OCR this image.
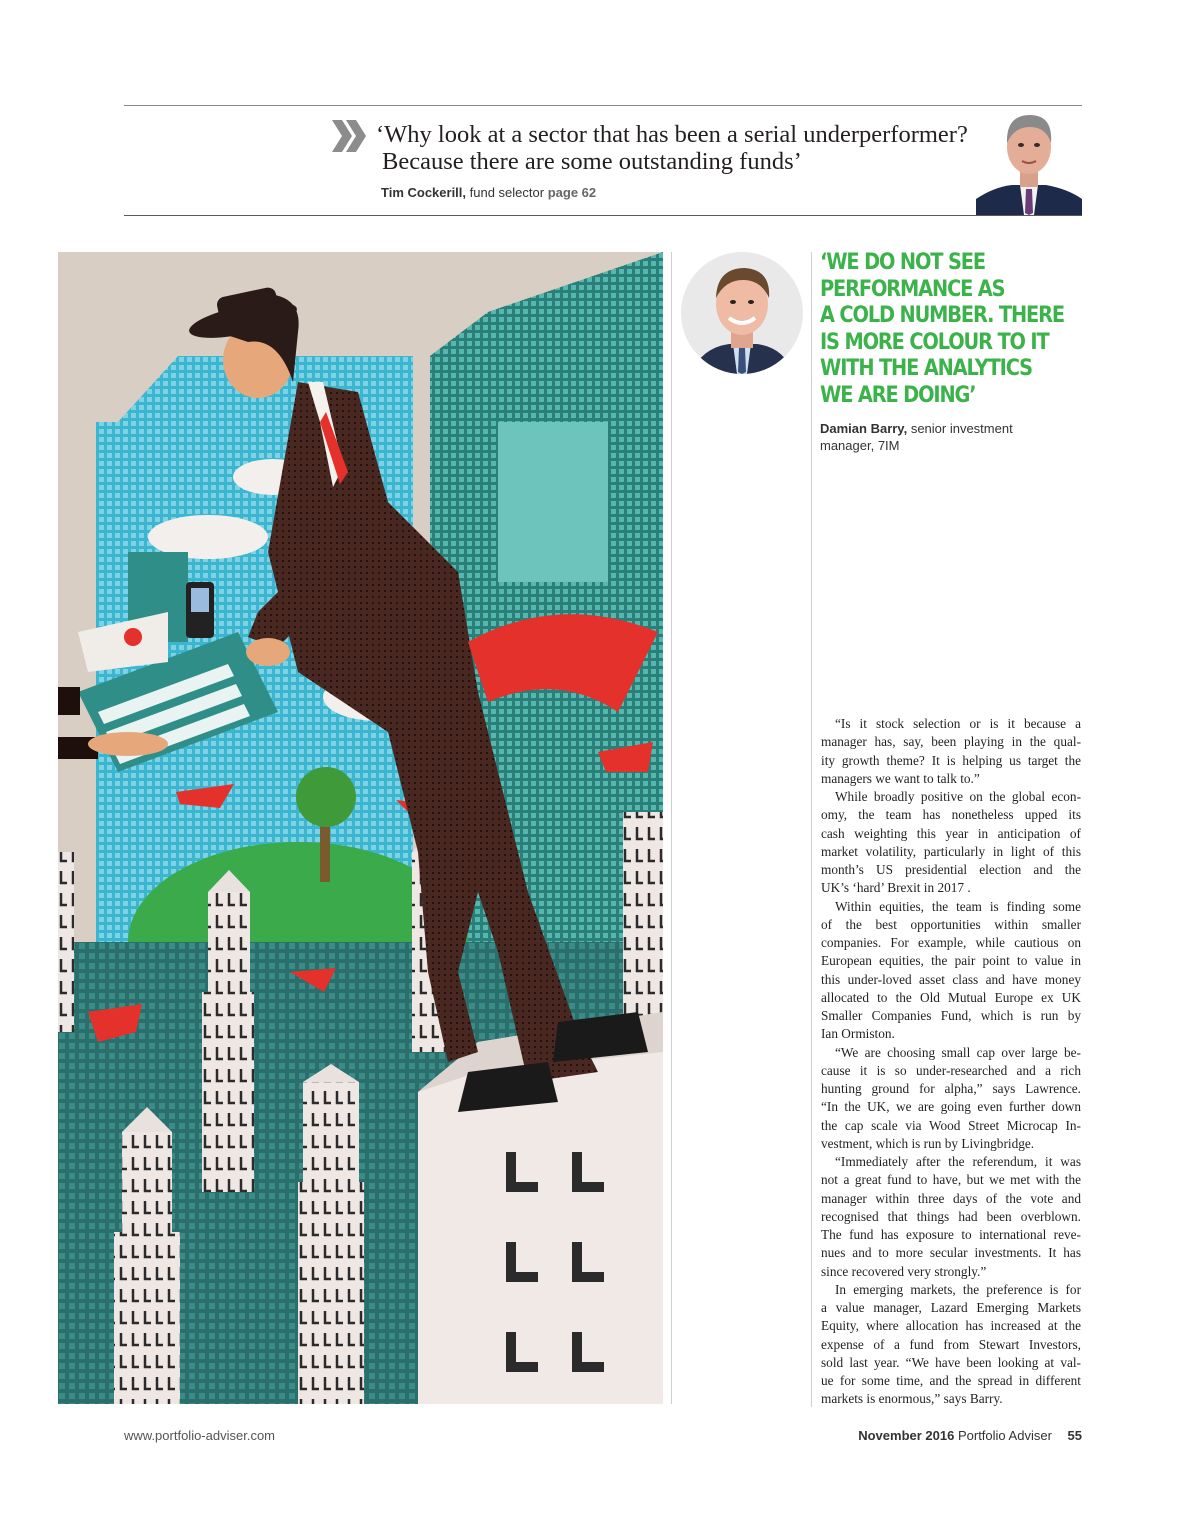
‘Why look at a sector that has been a serial underperformer?
Because there are some outstanding funds’

Tim Cockerill, fund selector page 62

‘WE DO NOT SEE
PERFORMANCE AS
A COLD NUMBER. THERE
IS MORE COLOUR TO IT
WITH THE ANALYTICS
WE ARE DOING’

Damian Barry, senior investment
manager, 7IM
“Is it stock selection or is it because a
manager has, say, been playing in the qual-
ity growth theme? It is helping us target the
managers we want to talk to.”
While broadly positive on the global econ-
omy, the team has nonetheless upped its
cash weighting this year in anticipation of
market volatility, particularly in light of this
month’s US presidential election and the
UK’s ‘hard’ Brexit in 2017 .
Within equities, the team is finding some
of the best opportunities within smaller
companies. For example, while cautious on
European equities, the pair point to value in
this under-loved asset class and have money
allocated to the Old Mutual Europe ex UK
Smaller Companies Fund, which is run by
Ian Ormiston.
“We are choosing small cap over large be-
cause it is so under-researched and a rich
hunting ground for alpha,” says Lawrence.
“In the UK, we are going even further down
the cap scale via Wood Street Microcap In-
vestment, which is run by Livingbridge.
“Immediately after the referendum, it was
not a great fund to have, but we met with the
manager within three days of the vote and
recognised that things had been overblown.
The fund has exposure to international reve-
nues and to more secular investments. It has
since recovered very strongly.”
In emerging markets, the preference is for
a value manager, Lazard Emerging Markets
Equity, where allocation has increased at the
expense of a fund from Stewart Investors,
sold last year. “We have been looking at val-
ue for some time, and the spread in different
markets is enormous,” says Barry.
www.portfolio-adviser.com	November 2016 Portfolio Adviser 55
